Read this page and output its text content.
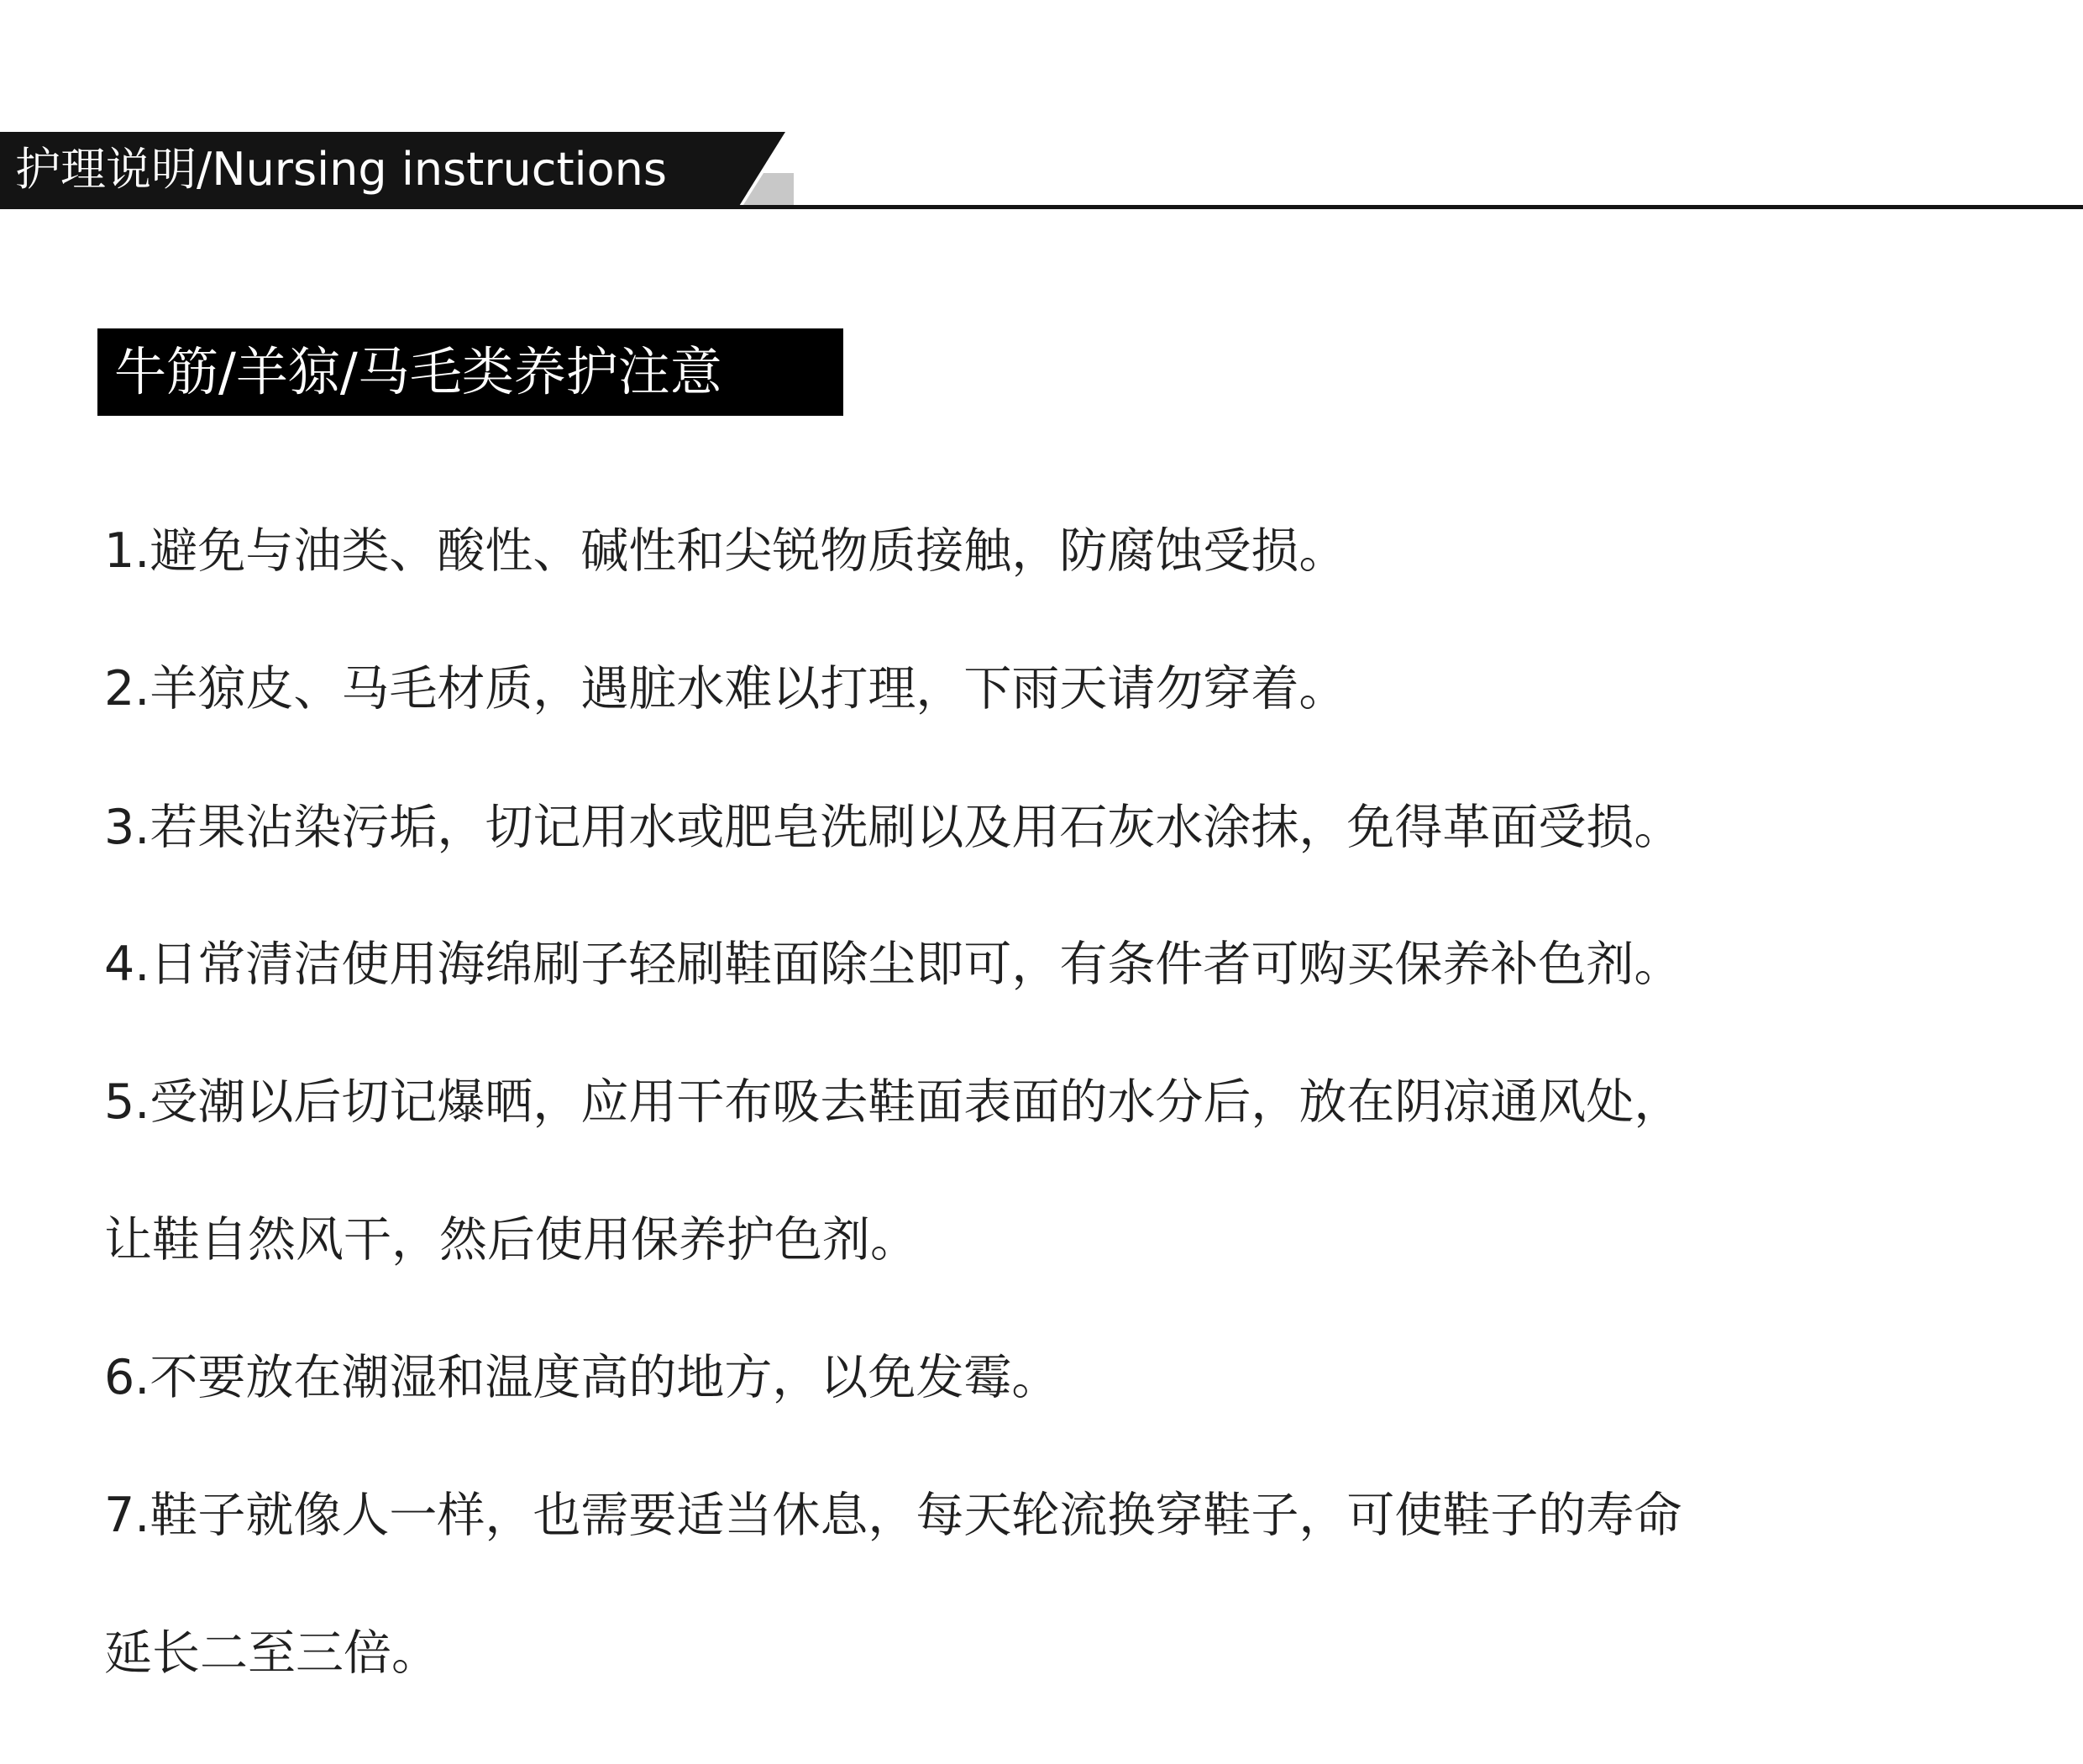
护理说明/Nursing instructions
牛筋/羊猄/马毛类养护注意
1.避免与油类、酸性、碱性和尖锐物质接触，防腐蚀受损。
2.羊猄皮、马毛材质，遇脏水难以打理，下雨天请勿穿着。
3.若果沾染污垢，切记用水或肥皂洗刷以及用石灰水涂抹，免得革面受损。
4.日常清洁使用海绵刷子轻刷鞋面除尘即可，有条件者可购买保养补色剂。
5.受潮以后切记爆晒，应用干布吸去鞋面表面的水分后，放在阴凉通风处，
让鞋自然风干，然后使用保养护色剂。
6.不要放在潮湿和温度高的地方，以免发霉。
7.鞋子就像人一样，也需要适当休息，每天轮流换穿鞋子，可使鞋子的寿命
延长二至三倍。
